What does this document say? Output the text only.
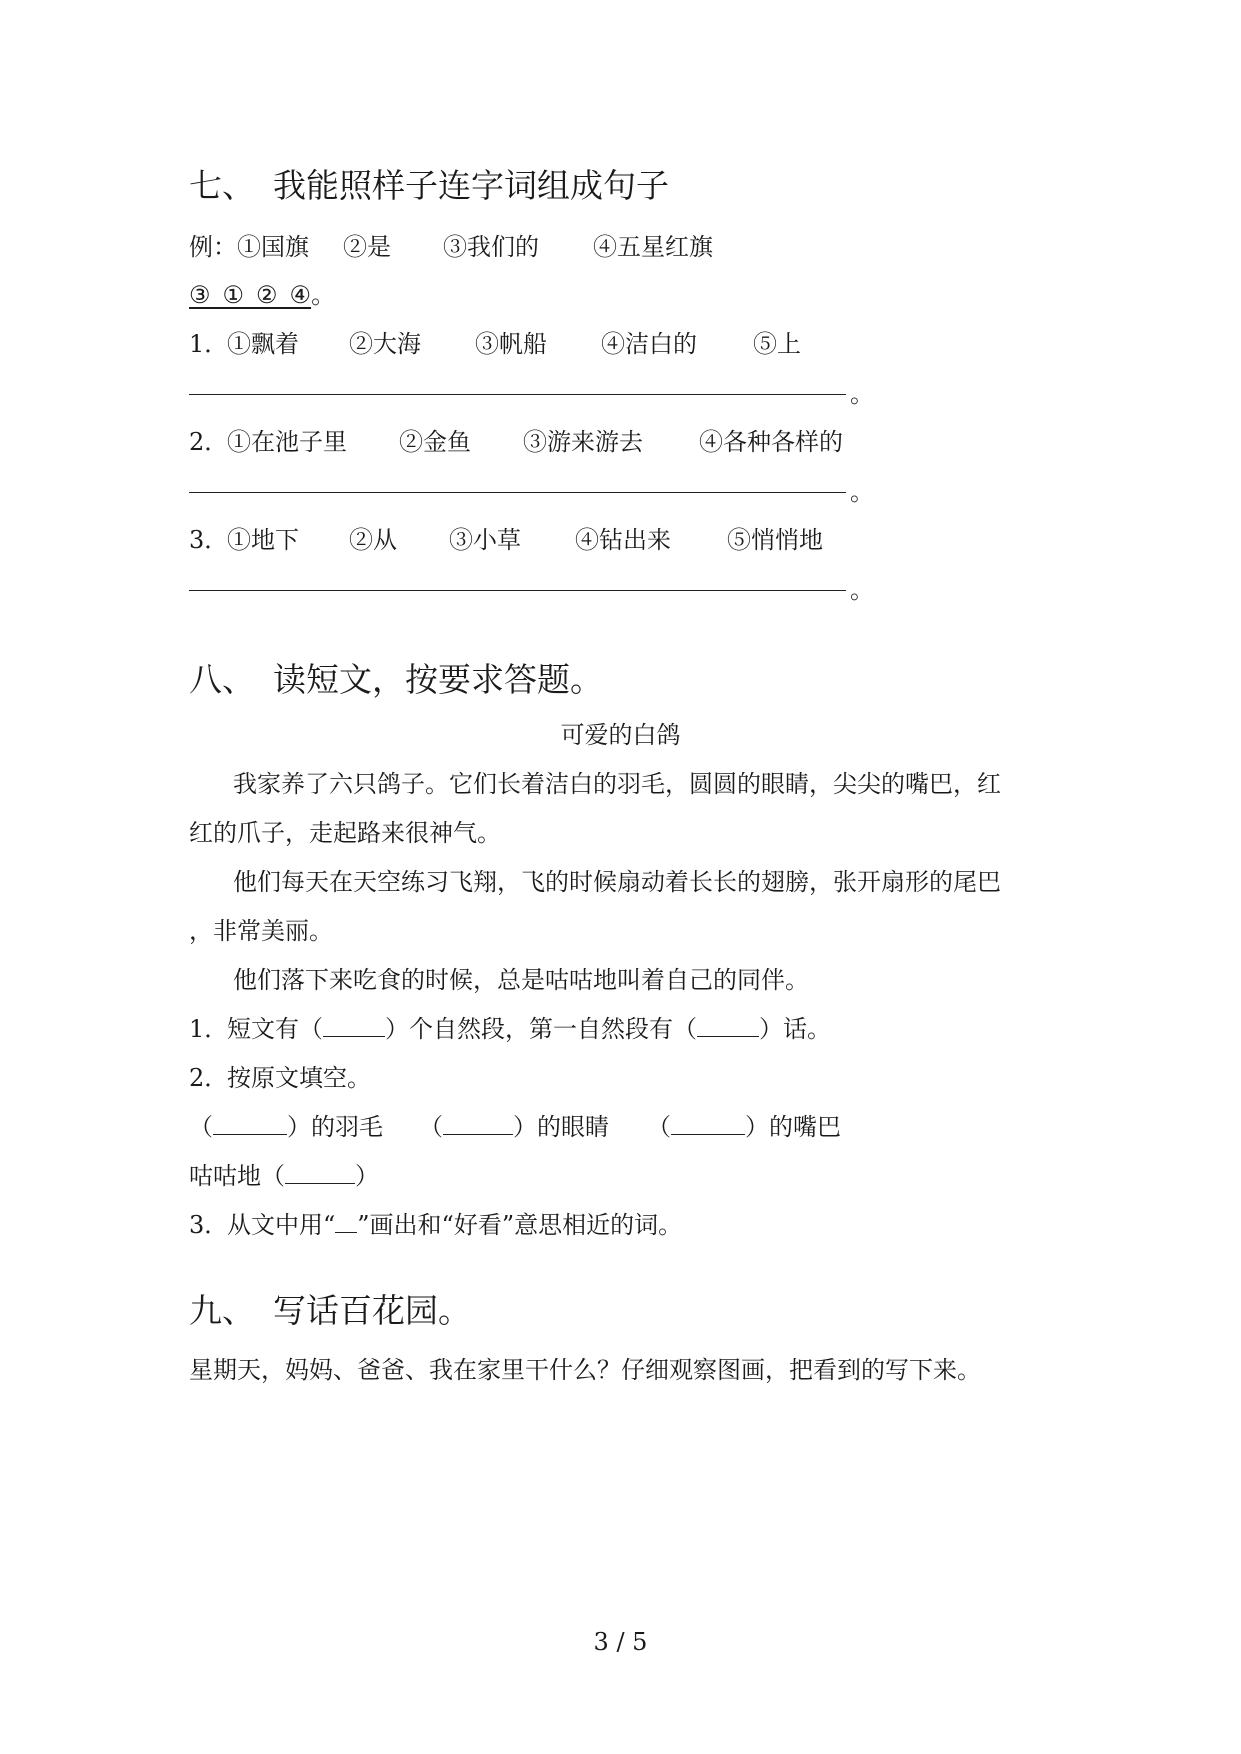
七、 我能照样子连字词组成句子
例：①国旗 ②是 ③我们的 ④五星红旗
③_①_②_④。
1．①飘着 ②大海 ③帆船 ④洁白的 ⑤上
。
2．①在池子里 ②金鱼 ③游来游去 ④各种各样的
。
3．①地下 ②从 ③小草 ④钻出来 ⑤悄悄地
。
八、 读短文，按要求答题。
可爱的白鸽
我家养了六只鸽子。它们长着洁白的羽毛，圆圆的眼睛，尖尖的嘴巴，红
红的爪子，走起路来很神气。
他们每天在天空练习飞翔，飞的时候扇动着长长的翅膀，张开扇形的尾巴
，非常美丽。
他们落下来吃食的时候，总是咕咕地叫着自己的同伴。
1．短文有（	）个自然段，第一自然段有（	）话。
2．按原文填空。
（	）的羽毛 （	）的眼睛 （	）的嘴巴
咕咕地（	）
3．从文中用“ ”画出和“好看”意思相近的词。
九、 写话百花园。
星期天，妈妈、爸爸、我在家里干什么？仔细观察图画，把看到的写下来。
3 / 5
